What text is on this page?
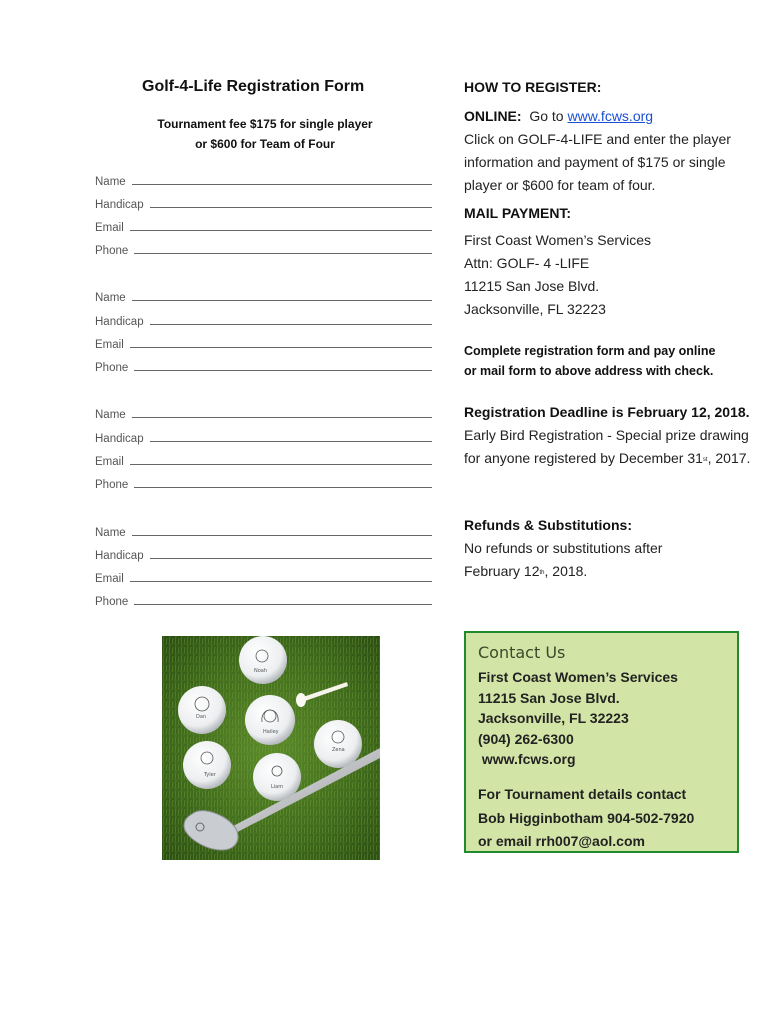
Golf-4-Life Registration Form
Tournament fee $175 for single player
or $600 for Team of Four
Name
Handicap
Email
Phone
Name
Handicap
Email
Phone
Name
Handicap
Email
Phone
Name
Handicap
Email
Phone
HOW TO REGISTER:
ONLINE: Go to www.fcws.org
Click on GOLF-4-LIFE and enter the player information and payment of $175 or single player or $600 for team of four.
MAIL PAYMENT:
First Coast Women’s Services
Attn: GOLF- 4 -LIFE
11215 San Jose Blvd.
Jacksonville, FL 32223
Complete registration form and pay online
or mail form to above address with check.
Registration Deadline is February 12, 2018. Early Bird Registration - Special prize drawing for anyone registered by December 31st, 2017.
Refunds & Substitutions:
No refunds or substitutions after February 12th, 2018.
Noah
Dan
Hailey
Zena
Tyler
Liam
Contact Us
First Coast Women’s Services
11215 San Jose Blvd.
Jacksonville, FL 32223
(904) 262-6300
www.fcws.org
For Tournament details contact
Bob Higginbotham 904-502-7920
or email rrh007@aol.com
